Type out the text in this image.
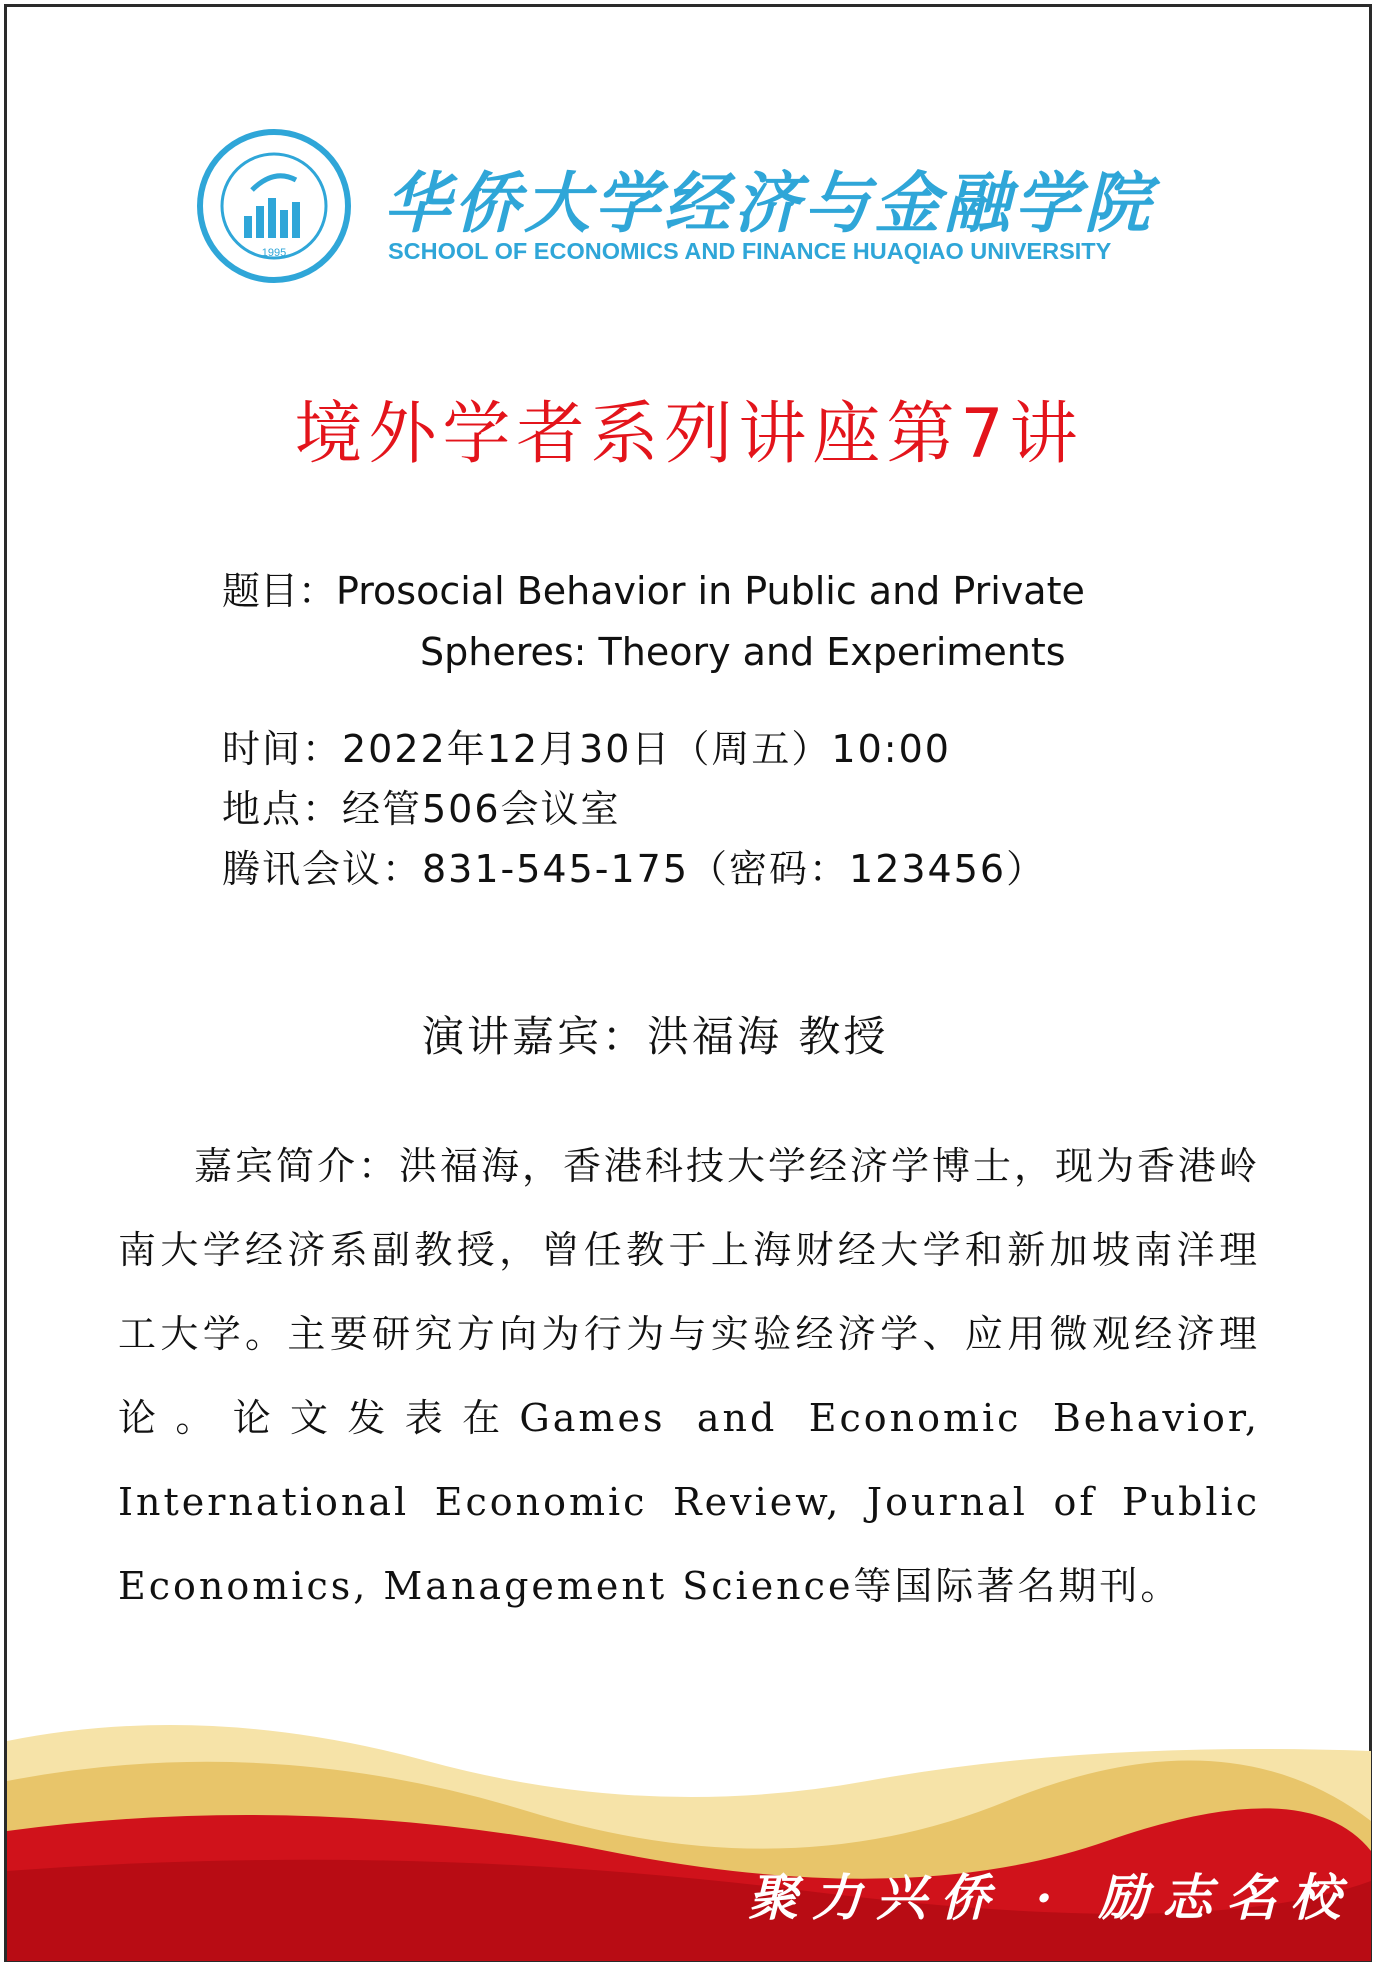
1995
华侨大学经济与金融学院
SCHOOL OF ECONOMICS AND FINANCE HUAQIAO UNIVERSITY
境外学者系列讲座第7讲
题目：Prosocial Behavior in Public and Private
Spheres: Theory and Experiments
时间：2022年12月30日（周五）10:00
地点：经管506会议室
腾讯会议：831-545-175（密码：123456）
演讲嘉宾：洪福海 教授
嘉宾简介：洪福海，香港科技大学经济学博士，现为香港岭南大学经济系副教授，曾任教于上海财经大学和新加坡南洋理工大学。主要研究方向为行为与实验经济学、应用微观经济理论。论文发表在Games and Economic Behavior, International Economic Review, Journal of Public Economics, Management Science等国际著名期刊。
聚力兴侨 · 励志名校
